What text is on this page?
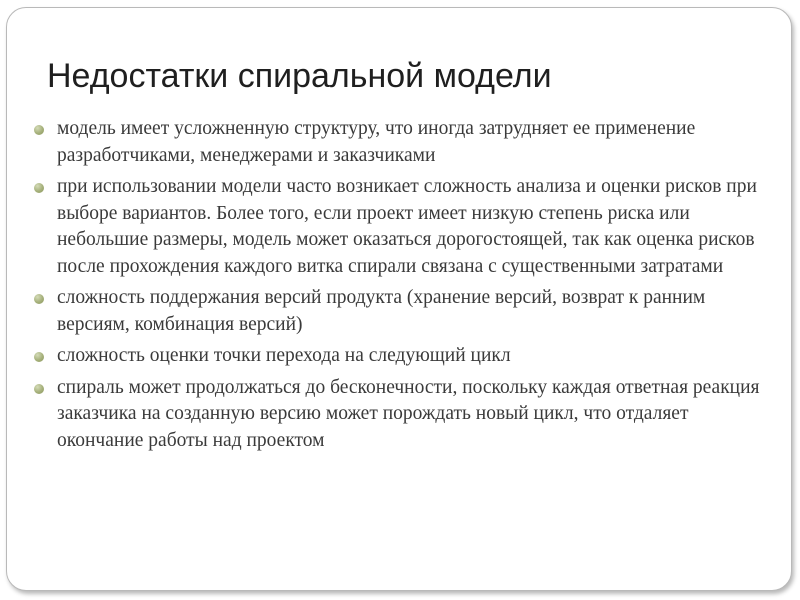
Недостатки спиральной модели
модель имеет усложненную структуру, что иногда затрудняет ее применение разработчиками, менеджерами и заказчиками
при использовании модели часто возникает сложность анализа и оценки рисков при выборе вариантов. Более того, если проект имеет низкую степень риска или небольшие размеры, модель может оказаться дорогостоящей, так как оценка рисков после прохождения каждого витка спирали связана с существенными затратами
сложность поддержания версий продукта (хранение версий, возврат к ранним версиям, комбинация версий)
сложность оценки точки перехода на следующий цикл
спираль может продолжаться до бесконечности, поскольку каждая ответная реакция заказчика на созданную версию может порождать новый цикл, что отдаляет окончание работы над проектом
